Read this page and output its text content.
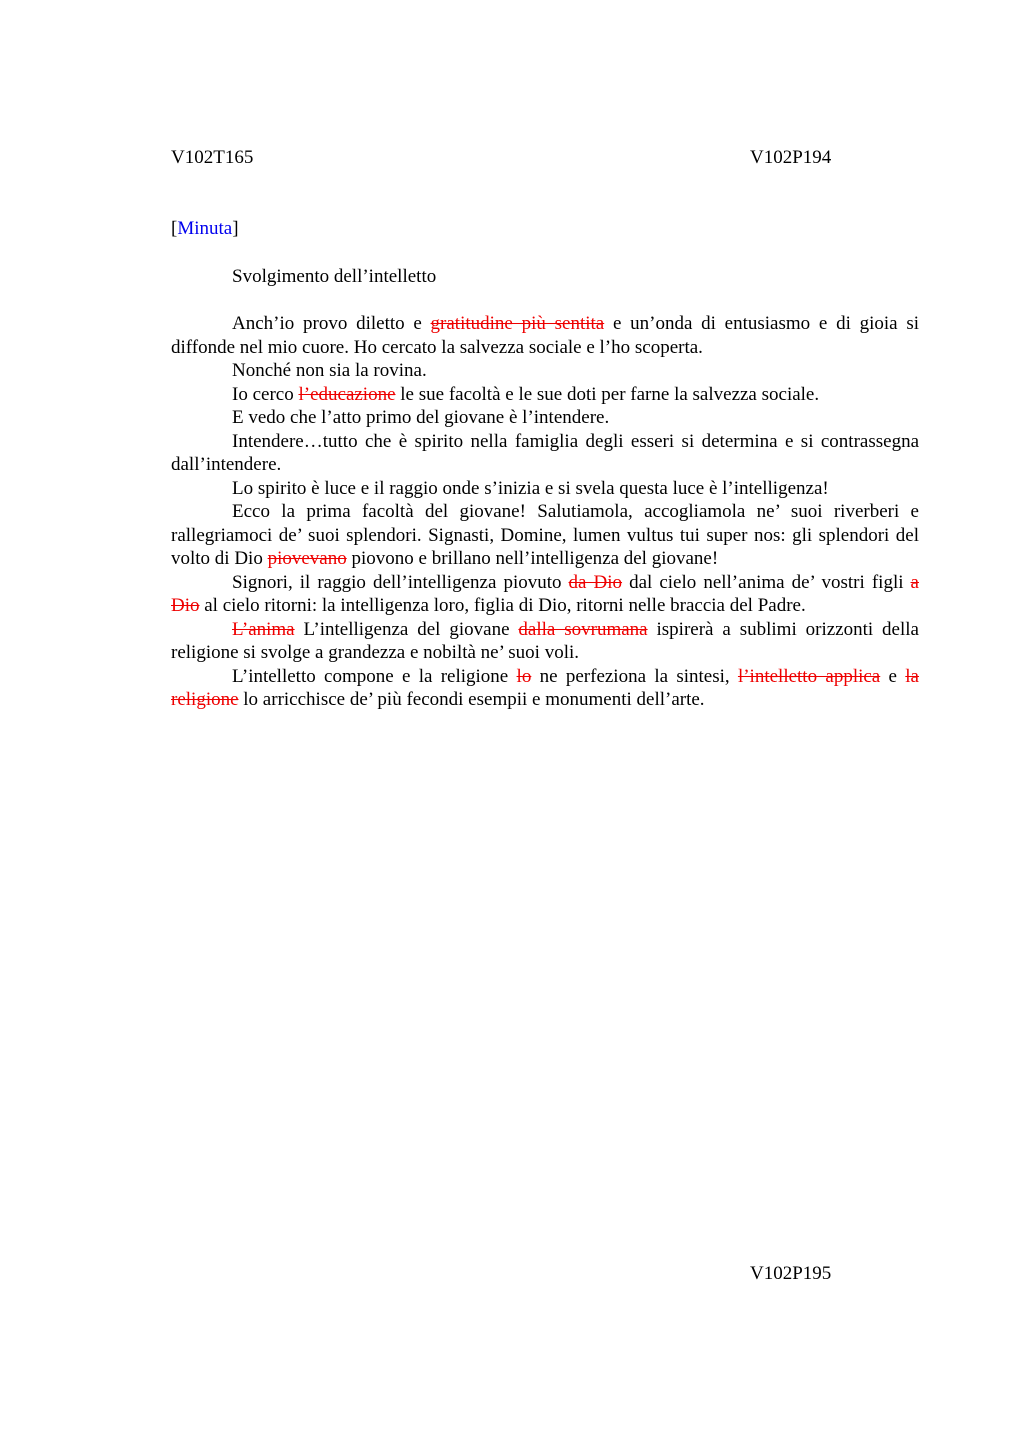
V102T165	V102P194
[Minuta]
Svolgimento dell’intelletto

Anch’io provo diletto e gratitudine più sentita e un’onda di entusiasmo e di gioia si diffonde nel mio cuore. Ho cercato la salvezza sociale e l’ho scoperta.

Nonché non sia la rovina.

Io cerco l’educazione le sue facoltà e le sue doti per farne la salvezza sociale.

E vedo che l’atto primo del giovane è l’intendere.

Intendere…tutto che è spirito nella famiglia degli esseri si determina e si contrassegna dall’intendere.

Lo spirito è luce e il raggio onde s’inizia e si svela questa luce è l’intelligenza!

Ecco la prima facoltà del giovane! Salutiamola, accogliamola ne’ suoi riverberi e rallegriamoci de’ suoi splendori. Signasti, Domine, lumen vultus tui super nos: gli splendori del volto di Dio piovevano piovono e brillano nell’intelligenza del giovane!

Signori, il raggio dell’intelligenza piovuto da Dio dal cielo nell’anima de’ vostri figli a Dio al cielo ritorni: la intelligenza loro, figlia di Dio, ritorni nelle braccia del Padre.

L’anima L’intelligenza del giovane dalla sovrumana ispirerà a sublimi orizzonti della religione si svolge a grandezza e nobiltà ne’ suoi voli.

L’intelletto compone e la religione lo ne perfeziona la sintesi, l’intelletto applica e la religione lo arricchisce de’ più fecondi esempii e monumenti dell’arte.

V102P195
